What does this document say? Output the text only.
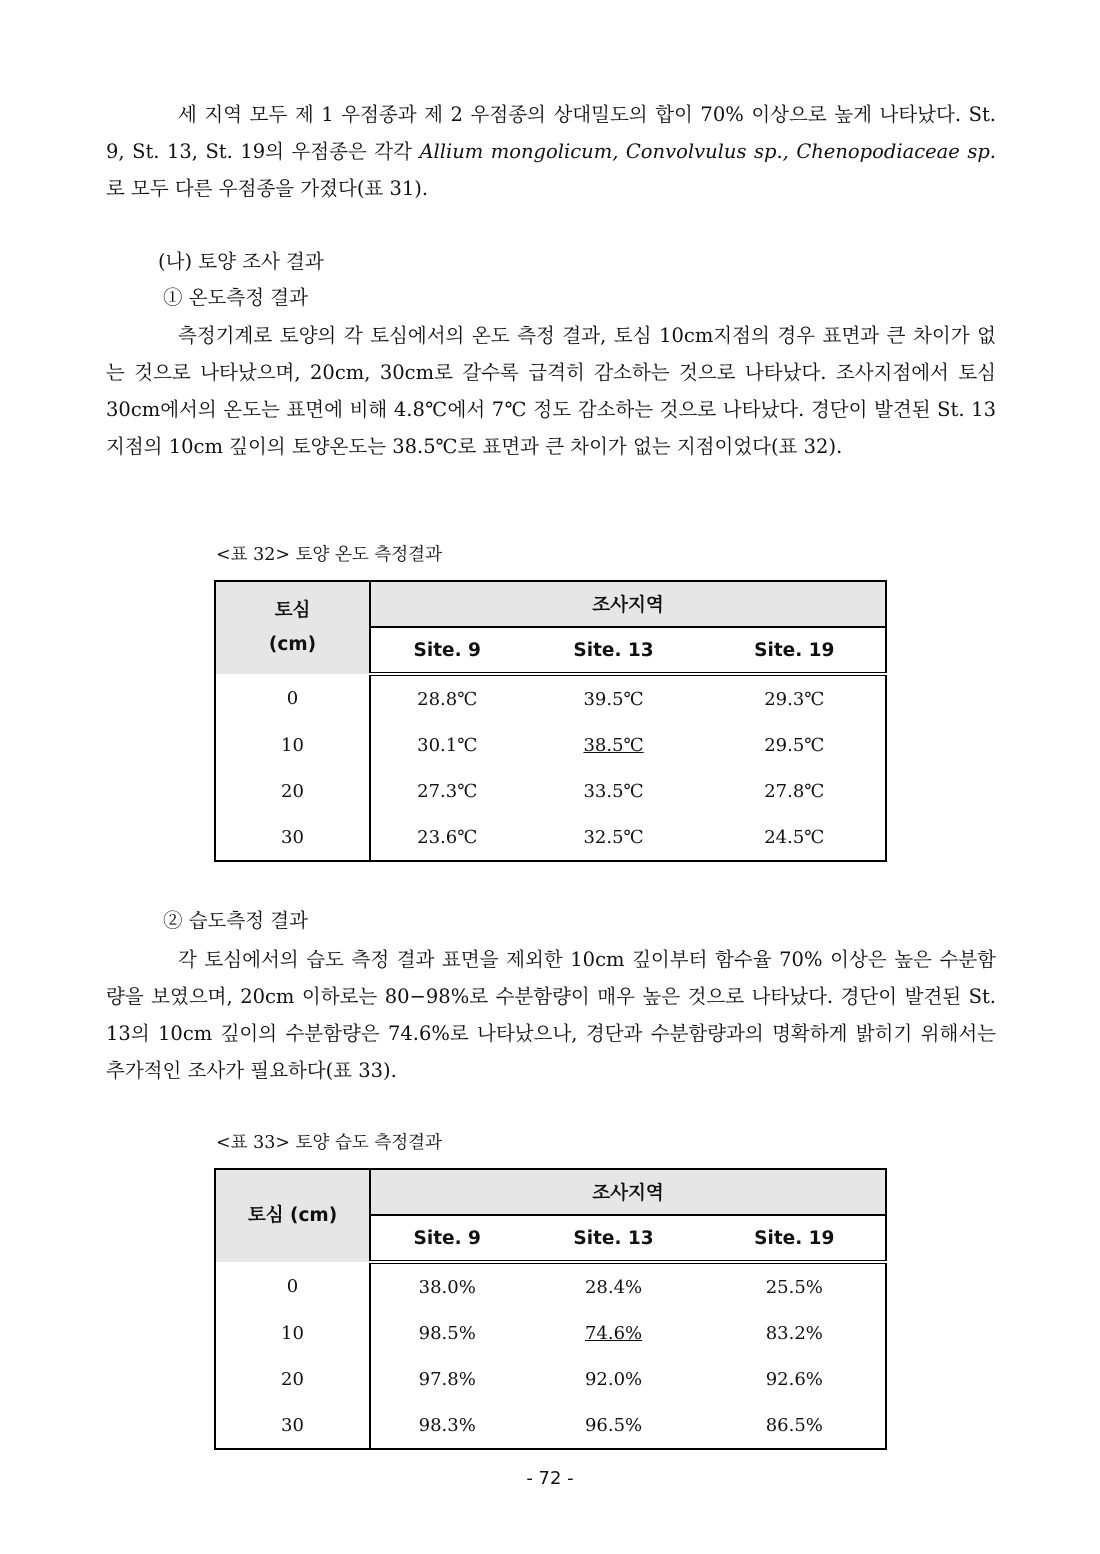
세 지역 모두 제 1 우점종과 제 2 우점종의 상대밀도의 합이 70% 이상으로 높게 나타났다. St. 9, St. 13, St. 19의 우점종은 각각 Allium mongolicum, Convolvulus sp., Chenopodiaceae sp. 로 모두 다른 우점종을 가졌다(표 31).

(나) 토양 조사 결과

① 온도측정 결과

측정기계로 토양의 각 토심에서의 온도 측정 결과, 토심 10cm지점의 경우 표면과 큰 차이가 없는 것으로 나타났으며, 20cm, 30cm로 갈수록 급격히 감소하는 것으로 나타났다. 조사지점에서 토심 30cm에서의 온도는 표면에 비해 4.8℃에서 7℃ 정도 감소하는 것으로 나타났다. 경단이 발견된 St. 13지점의 10cm 깊이의 토양온도는 38.5℃로 표면과 큰 차이가 없는 지점이었다(표 32).

<표 32> 토양 온도 측정결과

토심
(cm)	조사지역		
	Site. 9	Site. 13	Site. 19
0	28.8℃	39.5℃	29.3℃
10	30.1℃	38.5℃	29.5℃
20	27.3℃	33.5℃	27.8℃
30	23.6℃	32.5℃	24.5℃

② 습도측정 결과

각 토심에서의 습도 측정 결과 표면을 제외한 10cm 깊이부터 함수율 70% 이상은 높은 수분함량을 보였으며, 20cm 이하로는 80−98%로 수분함량이 매우 높은 것으로 나타났다. 경단이 발견된 St. 13의 10cm 깊이의 수분함량은 74.6%로 나타났으나, 경단과 수분함량과의 명확하게 밝히기 위해서는 추가적인 조사가 필요하다(표 33).

<표 33> 토양 습도 측정결과

토심 (cm)	조사지역		
	Site. 9	Site. 13	Site. 19
0	38.0%	28.4%	25.5%
10	98.5%	74.6%	83.2%
20	97.8%	92.0%	92.6%
30	98.3%	96.5%	86.5%
- 72 -
